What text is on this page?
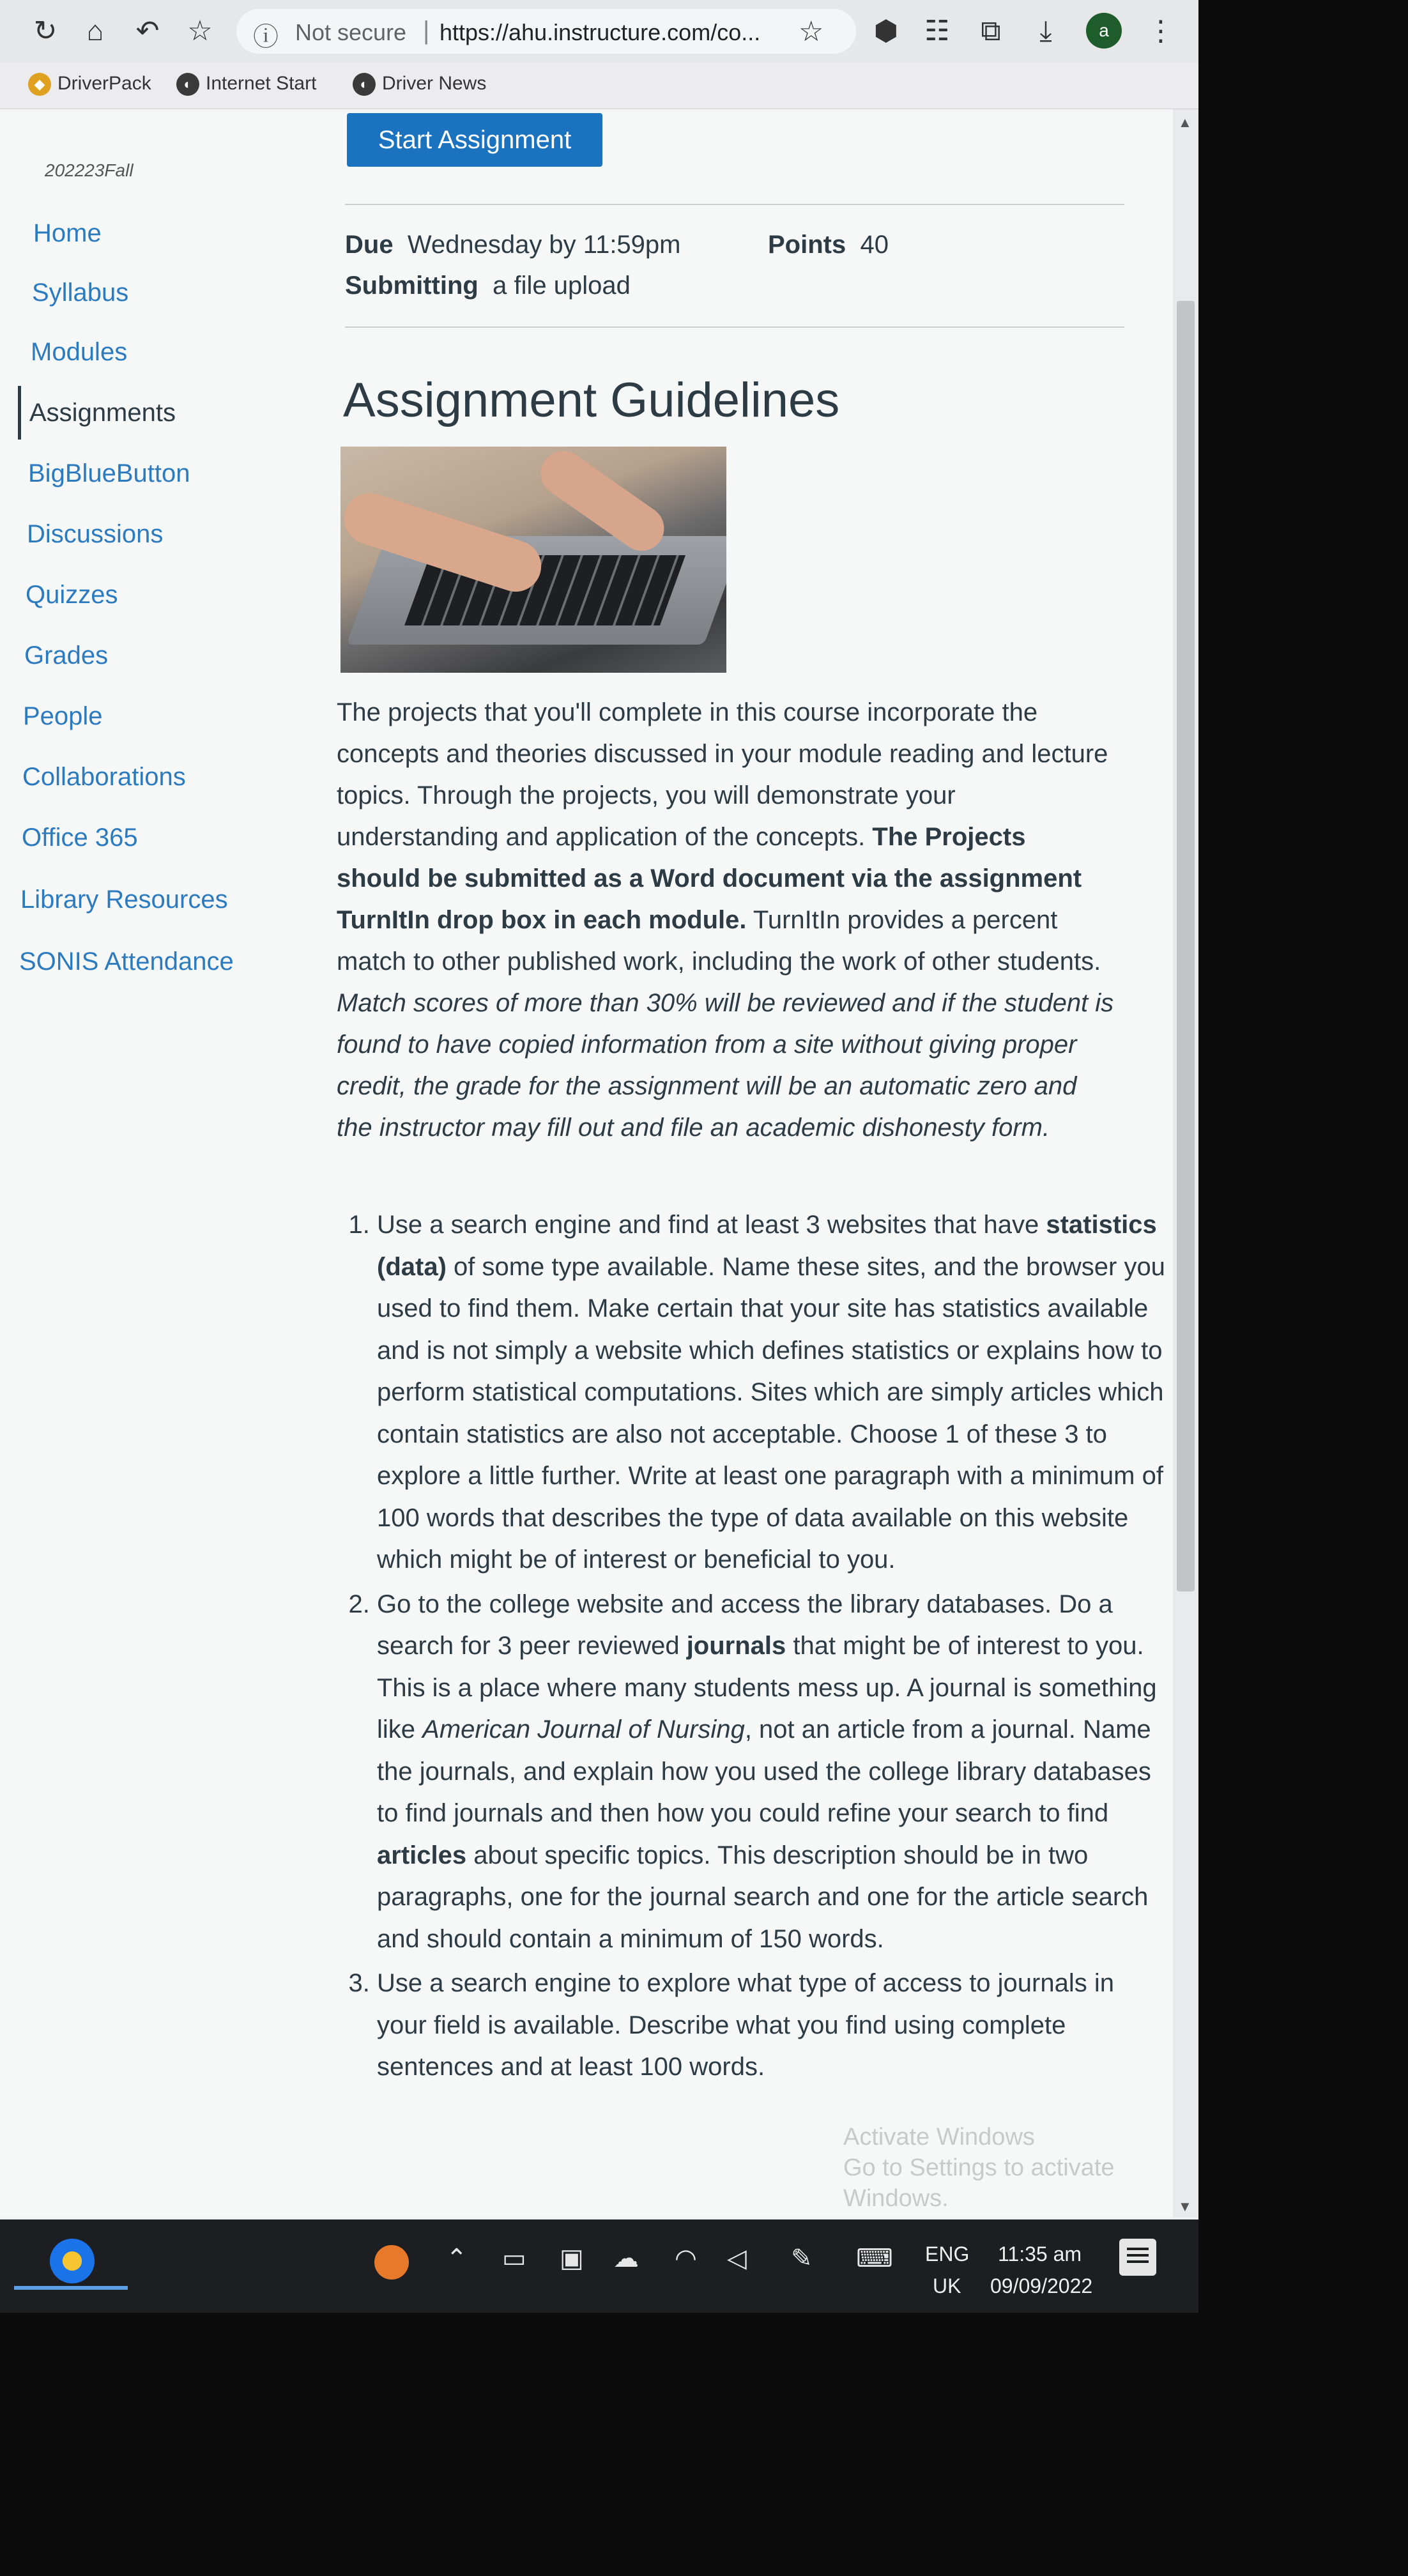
↻	⌂	↶ ☆ ⓘ Not secure | https://ahu.instructure.com/co... ☆ ⬢ ☷ ⧉	⤓	a	⋮
◆ DriverPack	◐ Internet Start	◐ Driver News
202223Fall
Home
Syllabus
Modules
Assignments
BigBlueButton
Discussions
Quizzes
Grades
People
Collaborations
Office 365
Library Resources
SONIS Attendance
Start Assignment
Due Wednesday by 11:59pm	Points 40
Submitting a file upload
Assignment Guidelines
The projects that you'll complete in this course incorporate the concepts and theories discussed in your module reading and lecture topics. Through the projects, you will demonstrate your understanding and application of the concepts. The Projects should be submitted as a Word document via the assignment TurnItIn drop box in each module. TurnItIn provides a percent match to other published work, including the work of other students. Match scores of more than 30% will be reviewed and if the student is found to have copied information from a site without giving proper credit, the grade for the assignment will be an automatic zero and the instructor may fill out and file an academic dishonesty form.
1. Use a search engine and find at least 3 websites that have statistics (data) of some type available. Name these sites, and the browser you used to find them. Make certain that your site has statistics available and is not simply a website which defines statistics or explains how to perform statistical computations. Sites which are simply articles which contain statistics are also not acceptable. Choose 1 of these 3 to explore a little further. Write at least one paragraph with a minimum of 100 words that describes the type of data available on this website which might be of interest or beneficial to you.
2. Go to the college website and access the library databases. Do a search for 3 peer reviewed journals that might be of interest to you. This is a place where many students mess up. A journal is something like American Journal of Nursing, not an article from a journal. Name the journals, and explain how you used the college library databases to find journals and then how you could refine your search to find articles about specific topics. This description should be in two paragraphs, one for the journal search and one for the article search and should contain a minimum of 150 words.
3. Use a search engine to explore what type of access to journals in your field is available. Describe what you find using complete sentences and at least 100 words.
Activate Windows
Go to Settings to activate Windows.
▲
▼
⌃ ▭ ▣ ☁ ◠ ◁ ✎ ⌨ ENG
UK
11:35 am
09/09/2022
